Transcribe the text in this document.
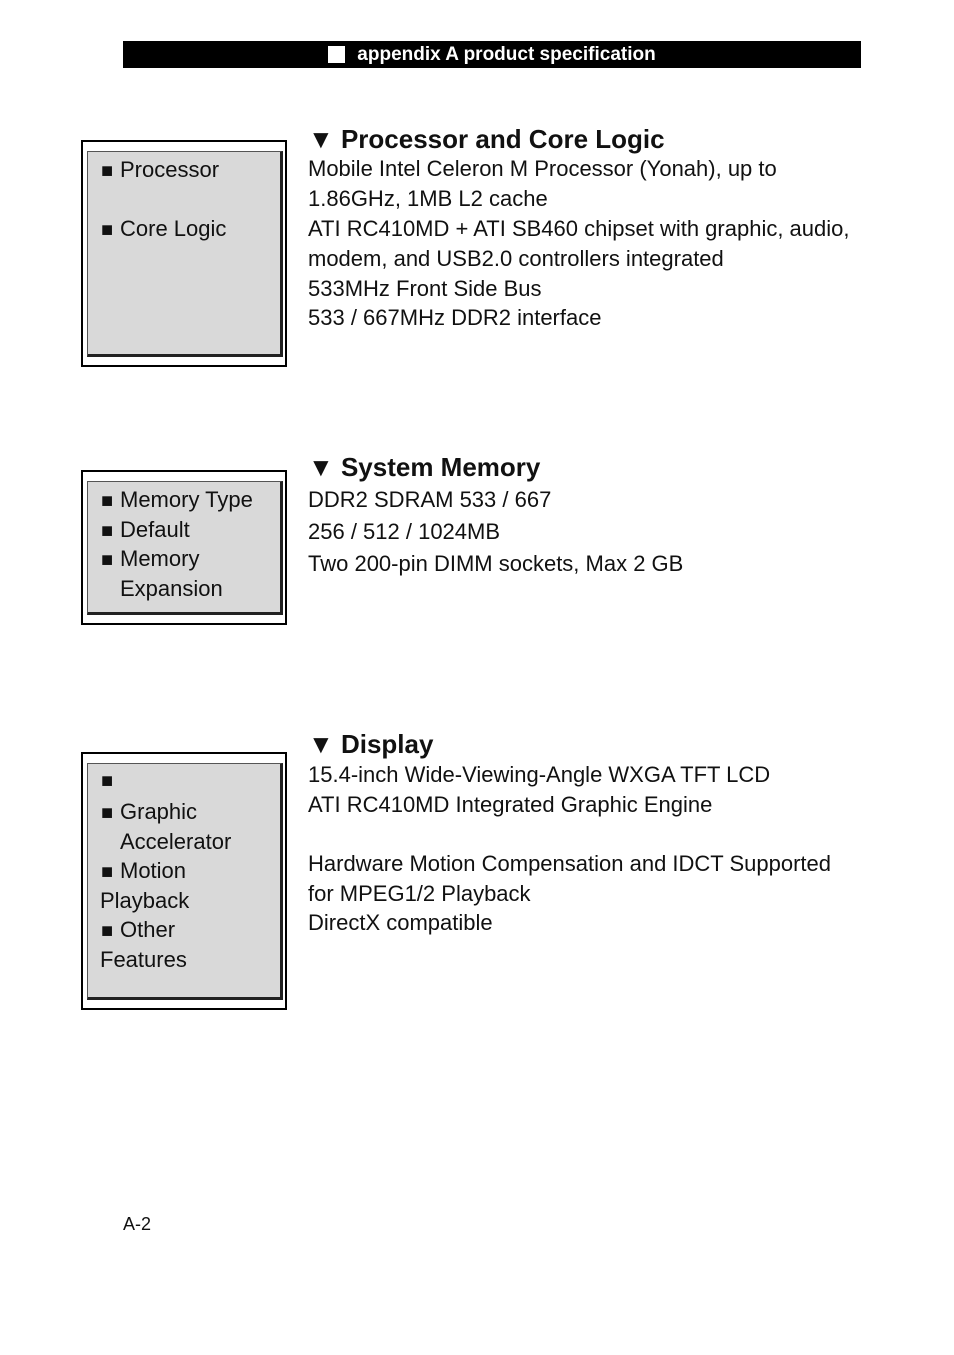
appendix A product specification
■ Processor
■ Core Logic
▼ Processor and Core Logic
Mobile Intel Celeron M Processor (Yonah), up to
1.86GHz, 1MB L2 cache
ATI RC410MD + ATI SB460 chipset with graphic, audio,
modem, and USB2.0 controllers integrated
533MHz Front Side Bus
533 / 667MHz DDR2 interface
■ Memory Type
■ Default
■ Memory
Expansion
▼ System Memory
DDR2 SDRAM 533 / 667
256 / 512 / 1024MB
Two 200-pin DIMM sockets, Max 2 GB
■
■ Graphic
Accelerator
■ Motion
Playback
■ Other
Features
▼ Display
15.4-inch Wide-Viewing-Angle WXGA TFT LCD
ATI RC410MD Integrated Graphic Engine
Hardware Motion Compensation and IDCT Supported
for MPEG1/2 Playback
DirectX compatible
A-2
